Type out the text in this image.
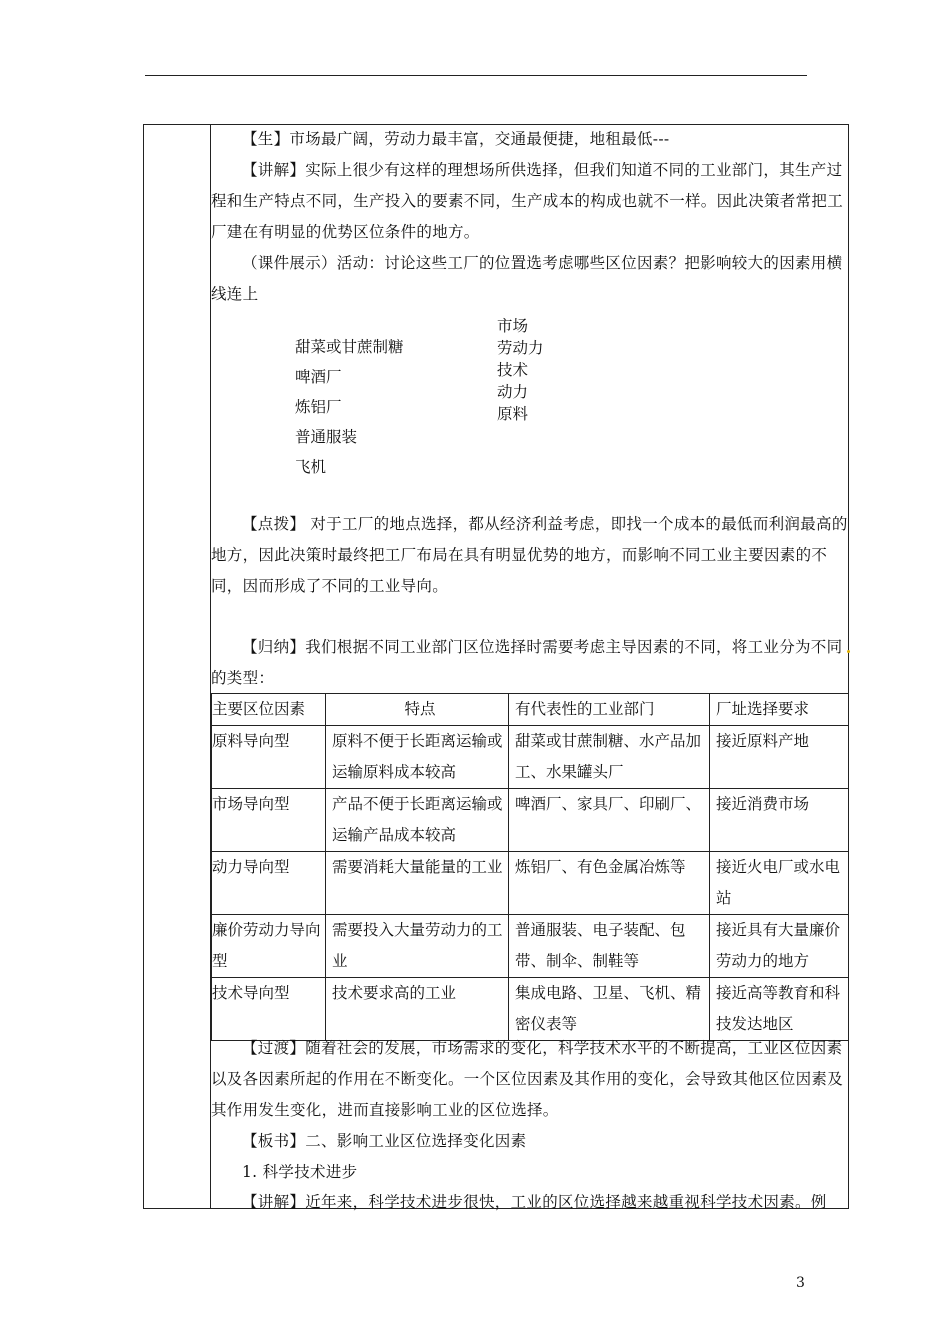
【生】市场最广阔，劳动力最丰富，交通最便捷，地租最低---

【讲解】实际上很少有这样的理想场所供选择，但我们知道不同的工业部门，其生产过程和生产特点不同，生产投入的要素不同，生产成本的构成也就不一样。因此决策者常把工厂建在有明显的优势区位条件的地方。

（课件展示）活动：讨论这些工厂的位置选考虑哪些区位因素？把影响较大的因素用横线连上

甜菜或甘蔗制糖
啤酒厂
炼铝厂
普通服装
飞机
市场
劳动力
技术
动力
原料

【点拨】 对于工厂的地点选择，都从经济利益考虑，即找一个成本的最低而利润最高的地方，因此决策时最终把工厂布局在具有明显优势的地方，而影响不同工业主要因素的不同，因而形成了不同的工业导向。

【归纳】我们根据不同工业部门区位选择时需要考虑主导因素的不同，将工业分为不同的类型：

主要区位因素	特点	有代表性的工业部门	厂址选择要求
原料导向型	原料不便于长距离运输或运输原料成本较高	甜菜或甘蔗制糖、水产品加工、水果罐头厂	接近原料产地
市场导向型	产品不便于长距离运输或运输产品成本较高	啤酒厂、家具厂、印刷厂、	接近消费市场
动力导向型	需要消耗大量能量的工业	炼铝厂、有色金属冶炼等	接近火电厂或水电站
廉价劳动力导向型	需要投入大量劳动力的工业	普通服装、电子装配、包带、制伞、制鞋等	接近具有大量廉价劳动力的地方
技术导向型	技术要求高的工业	集成电路、卫星、飞机、精密仪表等	接近高等教育和科技发达地区

【过渡】随着社会的发展，市场需求的变化，科学技术水平的不断提高，工业区位因素以及各因素所起的作用在不断变化。一个区位因素及其作用的变化，会导致其他区位因素及其作用发生变化，进而直接影响工业的区位选择。

【板书】二、影响工业区位选择变化因素

1. 科学技术进步

【讲解】近年来，科学技术进步很快，工业的区位选择越来越重视科学技术因素。例

3
